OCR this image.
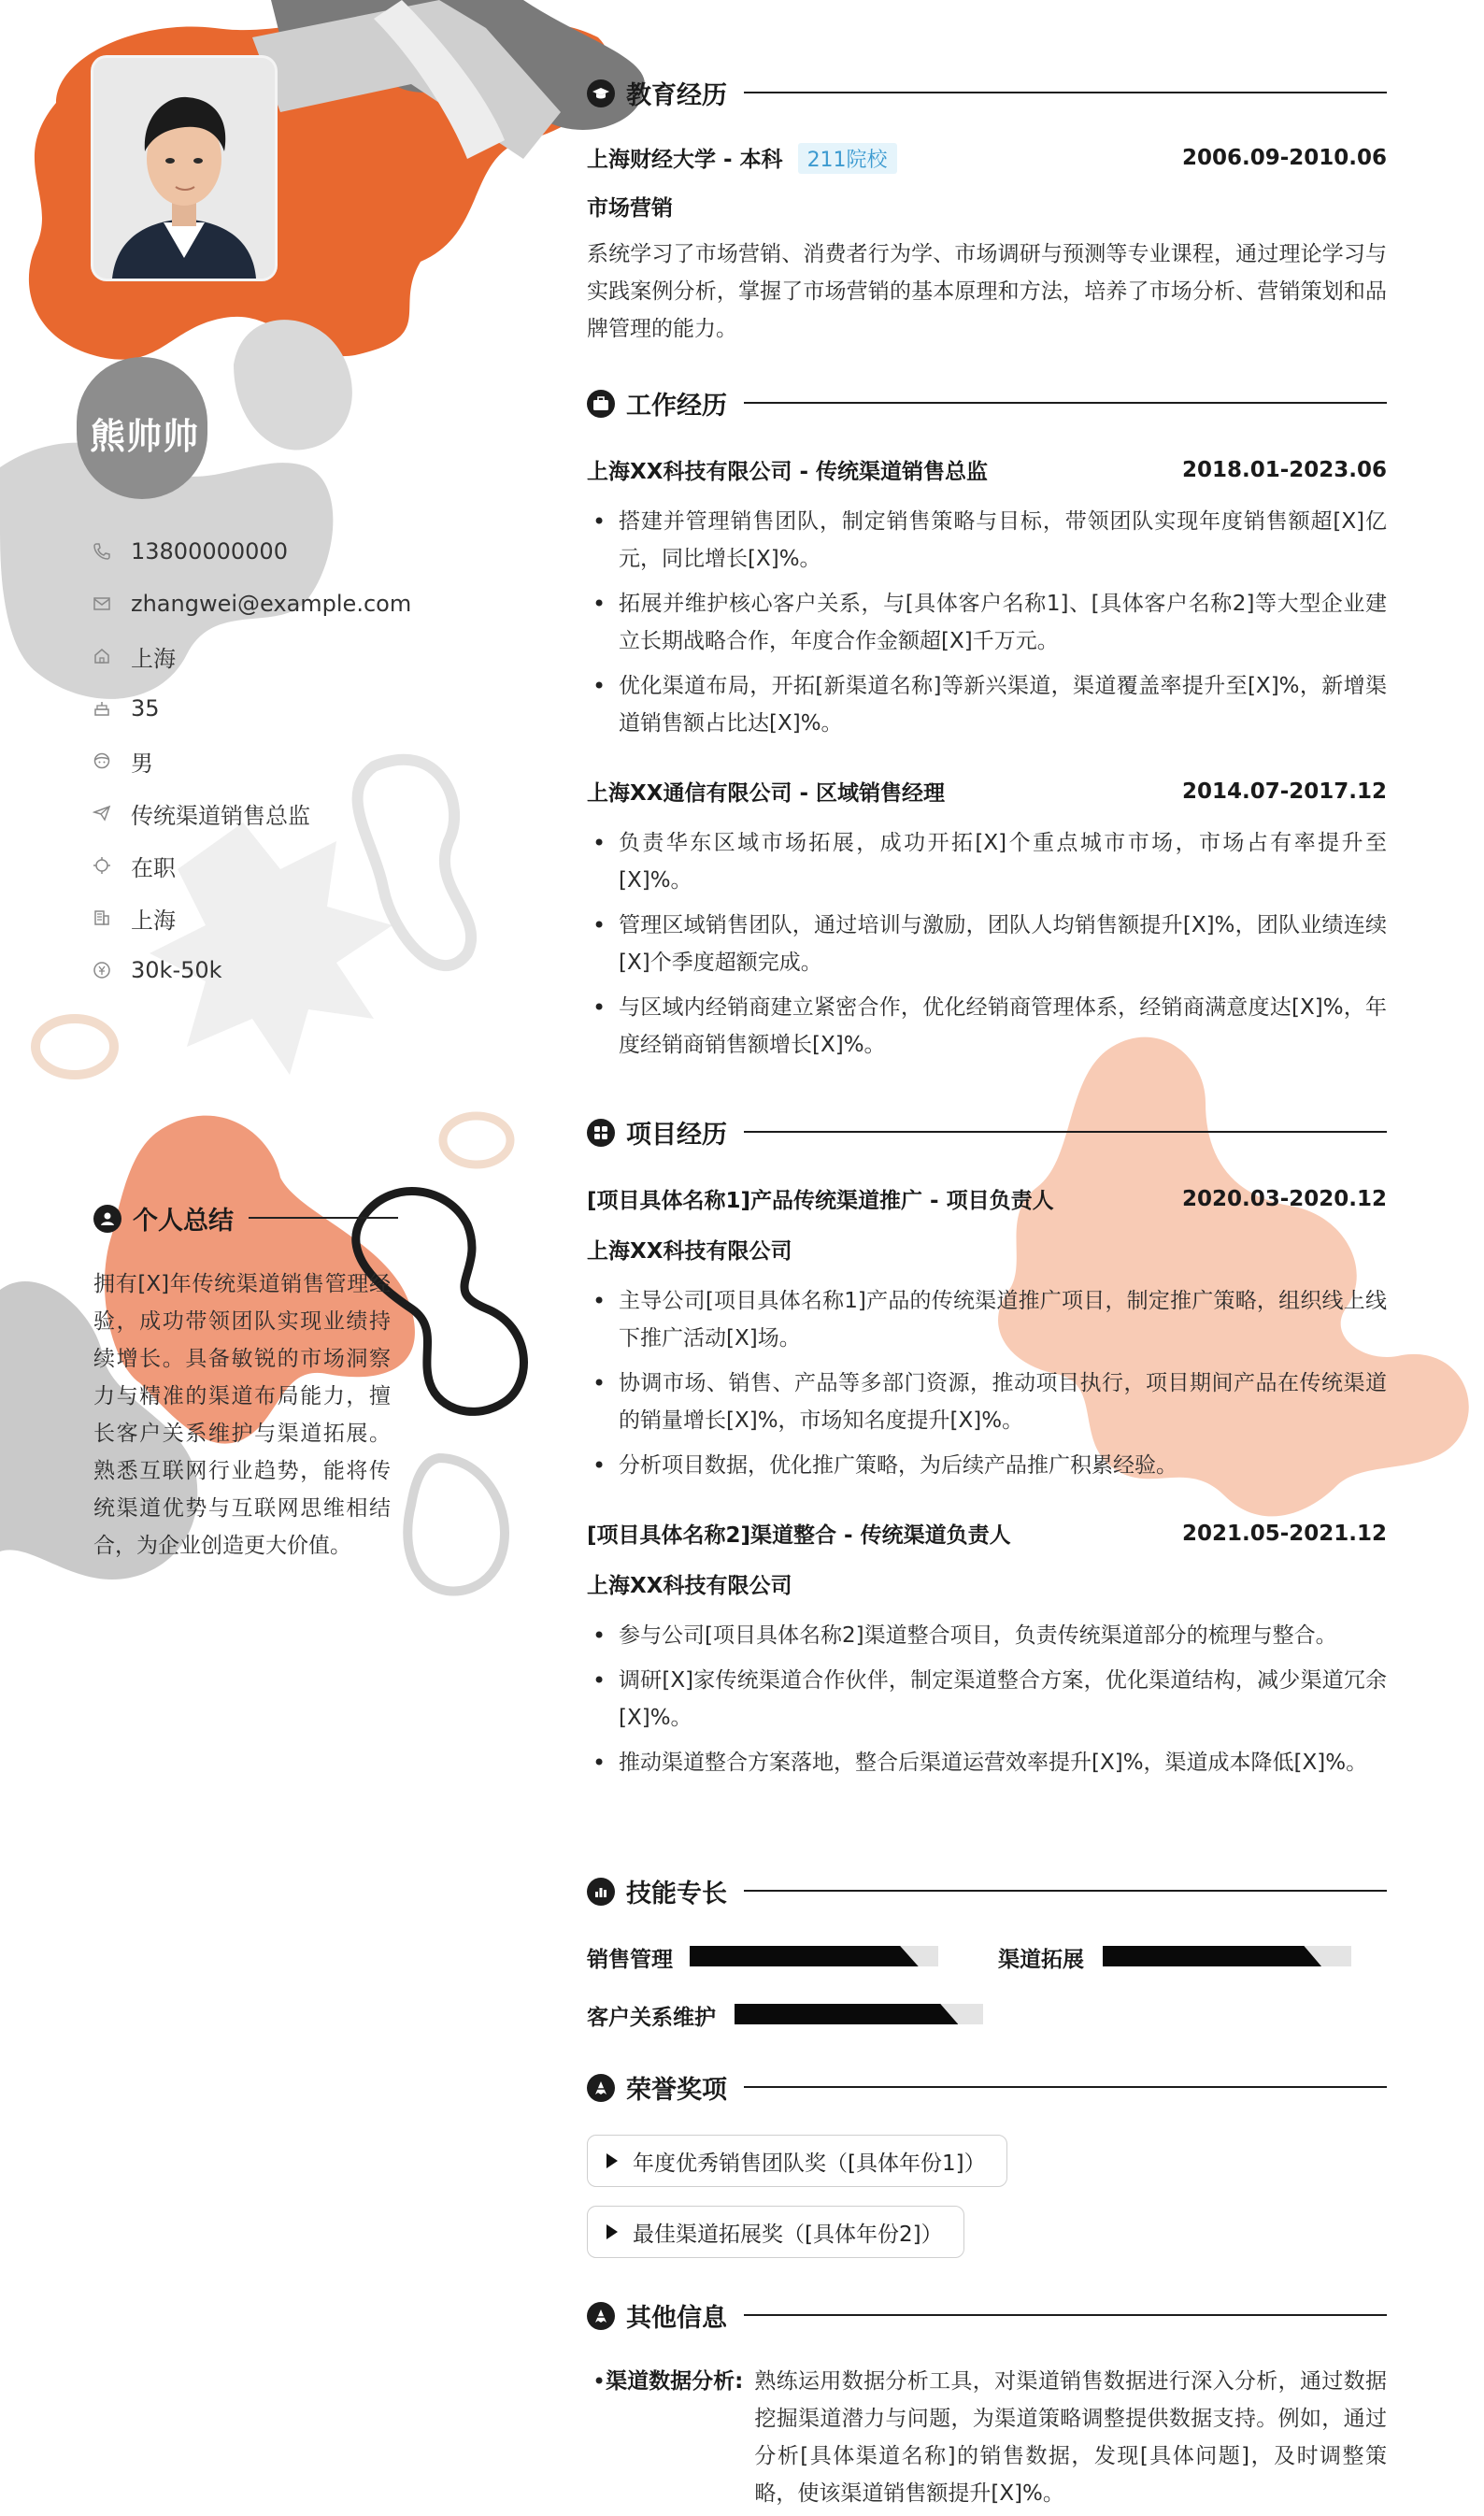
熊帅帅
13800000000
zhangwei@example.com
上海
35
男
传统渠道销售总监
在职
上海
30k-50k
个人总结
拥有[X]年传统渠道销售管理经验，成功带领团队实现业绩持续增长。具备敏锐的市场洞察力与精准的渠道布局能力，擅长客户关系维护与渠道拓展。熟悉互联网行业趋势，能将传统渠道优势与互联网思维相结合，为企业创造更大价值。
教育经历
上海财经大学 - 本科 211院校	2006.09-2010.06
市场营销
系统学习了市场营销、消费者行为学、市场调研与预测等专业课程，通过理论学习与实践案例分析，掌握了市场营销的基本原理和方法，培养了市场分析、营销策划和品牌管理的能力。
工作经历
上海XX科技有限公司 - 传统渠道销售总监	2018.01-2023.06
• 搭建并管理销售团队，制定销售策略与目标，带领团队实现年度销售额超[X]亿元，同比增长[X]%。
• 拓展并维护核心客户关系，与[具体客户名称1]、[具体客户名称2]等大型企业建立长期战略合作，年度合作金额超[X]千万元。
• 优化渠道布局，开拓[新渠道名称]等新兴渠道，渠道覆盖率提升至[X]%，新增渠道销售额占比达[X]%。
上海XX通信有限公司 - 区域销售经理	2014.07-2017.12
• 负责华东区域市场拓展，成功开拓[X]个重点城市市场，市场占有率提升至[X]%。
• 管理区域销售团队，通过培训与激励，团队人均销售额提升[X]%，团队业绩连续[X]个季度超额完成。
• 与区域内经销商建立紧密合作，优化经销商管理体系，经销商满意度达[X]%，年度经销商销售额增长[X]%。
项目经历
[项目具体名称1]产品传统渠道推广 - 项目负责人	2020.03-2020.12
上海XX科技有限公司
• 主导公司[项目具体名称1]产品的传统渠道推广项目，制定推广策略，组织线上线下推广活动[X]场。
• 协调市场、销售、产品等多部门资源，推动项目执行，项目期间产品在传统渠道的销量增长[X]%，市场知名度提升[X]%。
• 分析项目数据，优化推广策略，为后续产品推广积累经验。
[项目具体名称2]渠道整合 - 传统渠道负责人	2021.05-2021.12
上海XX科技有限公司
• 参与公司[项目具体名称2]渠道整合项目，负责传统渠道部分的梳理与整合。
• 调研[X]家传统渠道合作伙伴，制定渠道整合方案，优化渠道结构，减少渠道冗余[X]%。
• 推动渠道整合方案落地，整合后渠道运营效率提升[X]%，渠道成本降低[X]%。
技能专长
销售管理	渠道拓展
客户关系维护
荣誉奖项
年度优秀销售团队奖（[具体年份1]）
最佳渠道拓展奖（[具体年份2]）
其他信息
• 渠道数据分析: 熟练运用数据分析工具，对渠道销售数据进行深入分析，通过数据挖掘渠道潜力与问题，为渠道策略调整提供数据支持。例如，通过分析[具体渠道名称]的销售数据，发现[具体问题]，及时调整策略，使该渠道销售额提升[X]%。
